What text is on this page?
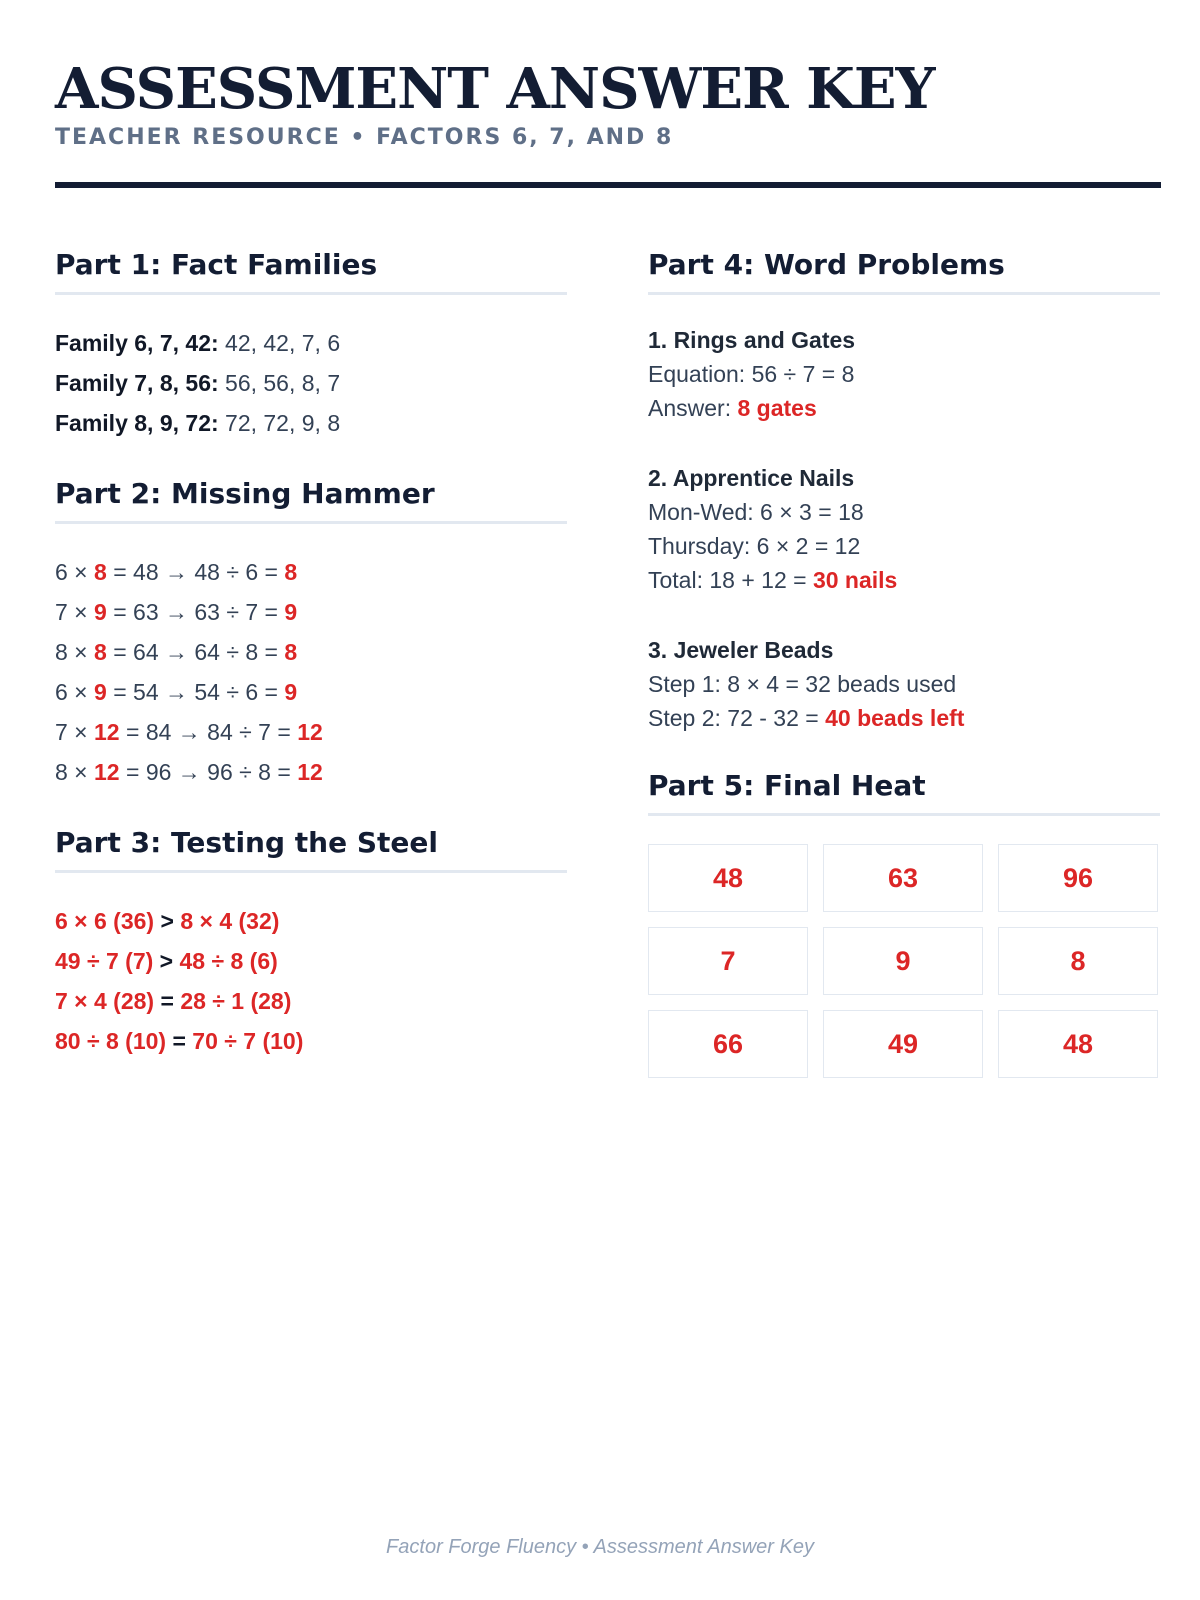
ASSESSMENT ANSWER KEY
TEACHER RESOURCE • FACTORS 6, 7, AND 8
Part 1: Fact Families
Family 6, 7, 42: 42, 42, 7, 6
Family 7, 8, 56: 56, 56, 8, 7
Family 8, 9, 72: 72, 72, 9, 8
Part 2: Missing Hammer
6 × 8 = 48 → 48 ÷ 6 = 8
7 × 9 = 63 → 63 ÷ 7 = 9
8 × 8 = 64 → 64 ÷ 8 = 8
6 × 9 = 54 → 54 ÷ 6 = 9
7 × 12 = 84 → 84 ÷ 7 = 12
8 × 12 = 96 → 96 ÷ 8 = 12
Part 3: Testing the Steel
6 × 6 (36) > 8 × 4 (32)
49 ÷ 7 (7) > 48 ÷ 8 (6)
7 × 4 (28) = 28 ÷ 1 (28)
80 ÷ 8 (10) = 70 ÷ 7 (10)
Part 4: Word Problems
1. Rings and Gates
Equation: 56 ÷ 7 = 8
Answer: 8 gates
2. Apprentice Nails
Mon-Wed: 6 × 3 = 18
Thursday: 6 × 2 = 12
Total: 18 + 12 = 30 nails
3. Jeweler Beads
Step 1: 8 × 4 = 32 beads used
Step 2: 72 - 32 = 40 beads left
Part 5: Final Heat
48	63	96
7	9	8
66	49	48
Factor Forge Fluency • Assessment Answer Key
